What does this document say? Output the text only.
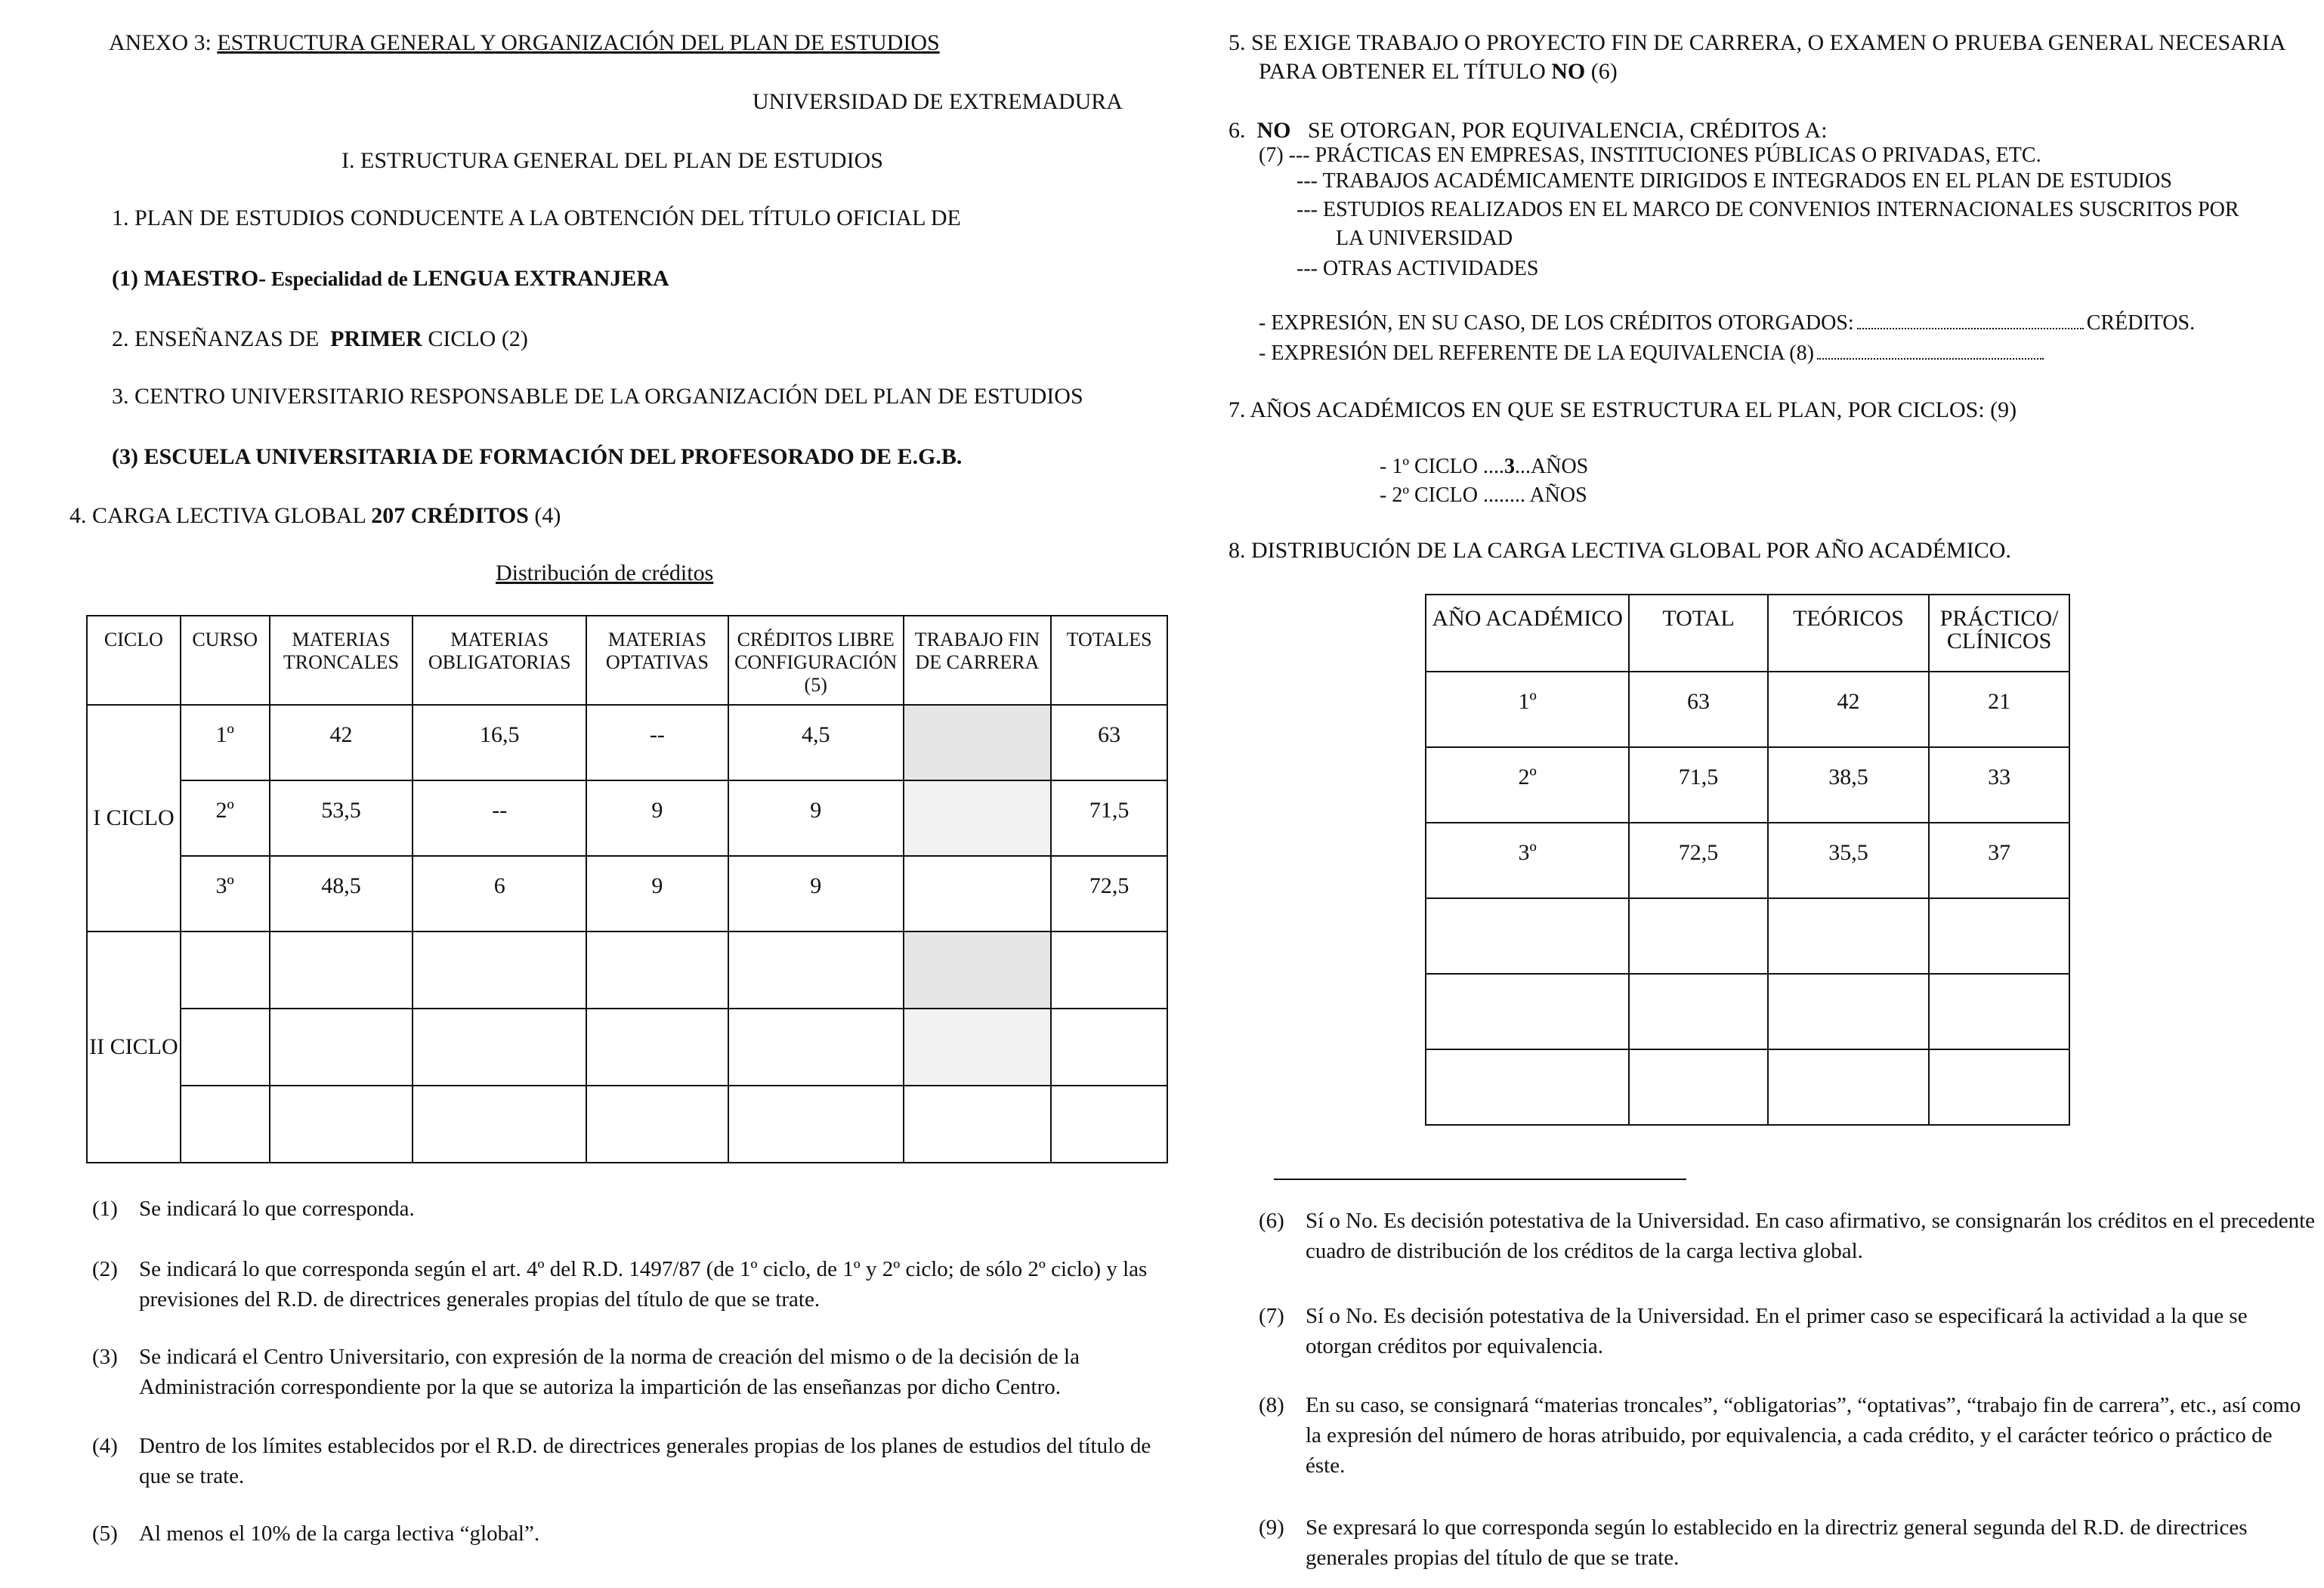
ANEXO 3: ESTRUCTURA GENERAL Y ORGANIZACIÓN DEL PLAN DE ESTUDIOS
UNIVERSIDAD DE EXTREMADURA
I. ESTRUCTURA GENERAL DEL PLAN DE ESTUDIOS
1. PLAN DE ESTUDIOS CONDUCENTE A LA OBTENCIÓN DEL TÍTULO OFICIAL DE
(1) MAESTRO- Especialidad de LENGUA EXTRANJERA
2. ENSEÑANZAS DE PRIMER CICLO (2)
3. CENTRO UNIVERSITARIO RESPONSABLE DE LA ORGANIZACIÓN DEL PLAN DE ESTUDIOS
(3) ESCUELA UNIVERSITARIA DE FORMACIÓN DEL PROFESORADO DE E.G.B.
4. CARGA LECTIVA GLOBAL 207 CRÉDITOS (4)
Distribución de créditos
CICLO	CURSO	MATERIAS TRONCALES	MATERIAS OBLIGATORIAS	MATERIAS OPTATIVAS	CRÉDITOS LIBRE CONFIGURACIÓN (5)	TRABAJO FIN DE CARRERA	TOTALES
I CICLO	1º	42	16,5	--	4,5		63
	2º	53,5	--	9	9		71,5
	3º	48,5	6	9	9		72,5
II CICLO							

(1) Se indicará lo que corresponda.
(2) Se indicará lo que corresponda según el art. 4º del R.D. 1497/87 (de 1º ciclo, de 1º y 2º ciclo; de sólo 2º ciclo) y las previsiones del R.D. de directrices generales propias del título de que se trate.
(3) Se indicará el Centro Universitario, con expresión de la norma de creación del mismo o de la decisión de la Administración correspondiente por la que se autoriza la impartición de las enseñanzas por dicho Centro.
(4) Dentro de los límites establecidos por el R.D. de directrices generales propias de los planes de estudios del título de que se trate.
(5) Al menos el 10% de la carga lectiva “global”.
5. SE EXIGE TRABAJO O PROYECTO FIN DE CARRERA, O EXAMEN O PRUEBA GENERAL NECESARIA
PARA OBTENER EL TÍTULO NO (6)
6. NO SE OTORGAN, POR EQUIVALENCIA, CRÉDITOS A:
(7) --- PRÁCTICAS EN EMPRESAS, INSTITUCIONES PÚBLICAS O PRIVADAS, ETC.
--- TRABAJOS ACADÉMICAMENTE DIRIGIDOS E INTEGRADOS EN EL PLAN DE ESTUDIOS
--- ESTUDIOS REALIZADOS EN EL MARCO DE CONVENIOS INTERNACIONALES SUSCRITOS POR
LA UNIVERSIDAD
--- OTRAS ACTIVIDADES
- EXPRESIÓN, EN SU CASO, DE LOS CRÉDITOS OTORGADOS:	CRÉDITOS.
- EXPRESIÓN DEL REFERENTE DE LA EQUIVALENCIA (8)
7. AÑOS ACADÉMICOS EN QUE SE ESTRUCTURA EL PLAN, POR CICLOS: (9)
- 1º CICLO ....3...AÑOS
- 2º CICLO ........ AÑOS
8. DISTRIBUCIÓN DE LA CARGA LECTIVA GLOBAL POR AÑO ACADÉMICO.
AÑO ACADÉMICO	TOTAL	TEÓRICOS	PRÁCTICO/ CLÍNICOS
1º	63	42	21
2º	71,5	38,5	33
3º	72,5	35,5	37

(6) Sí o No. Es decisión potestativa de la Universidad. En caso afirmativo, se consignarán los créditos en el precedente cuadro de distribución de los créditos de la carga lectiva global.
(7) Sí o No. Es decisión potestativa de la Universidad. En el primer caso se especificará la actividad a la que se otorgan créditos por equivalencia.
(8) En su caso, se consignará “materias troncales”, “obligatorias”, “optativas”, “trabajo fin de carrera”, etc., así como la expresión del número de horas atribuido, por equivalencia, a cada crédito, y el carácter teórico o práctico de éste.
(9) Se expresará lo que corresponda según lo establecido en la directriz general segunda del R.D. de directrices generales propias del título de que se trate.
